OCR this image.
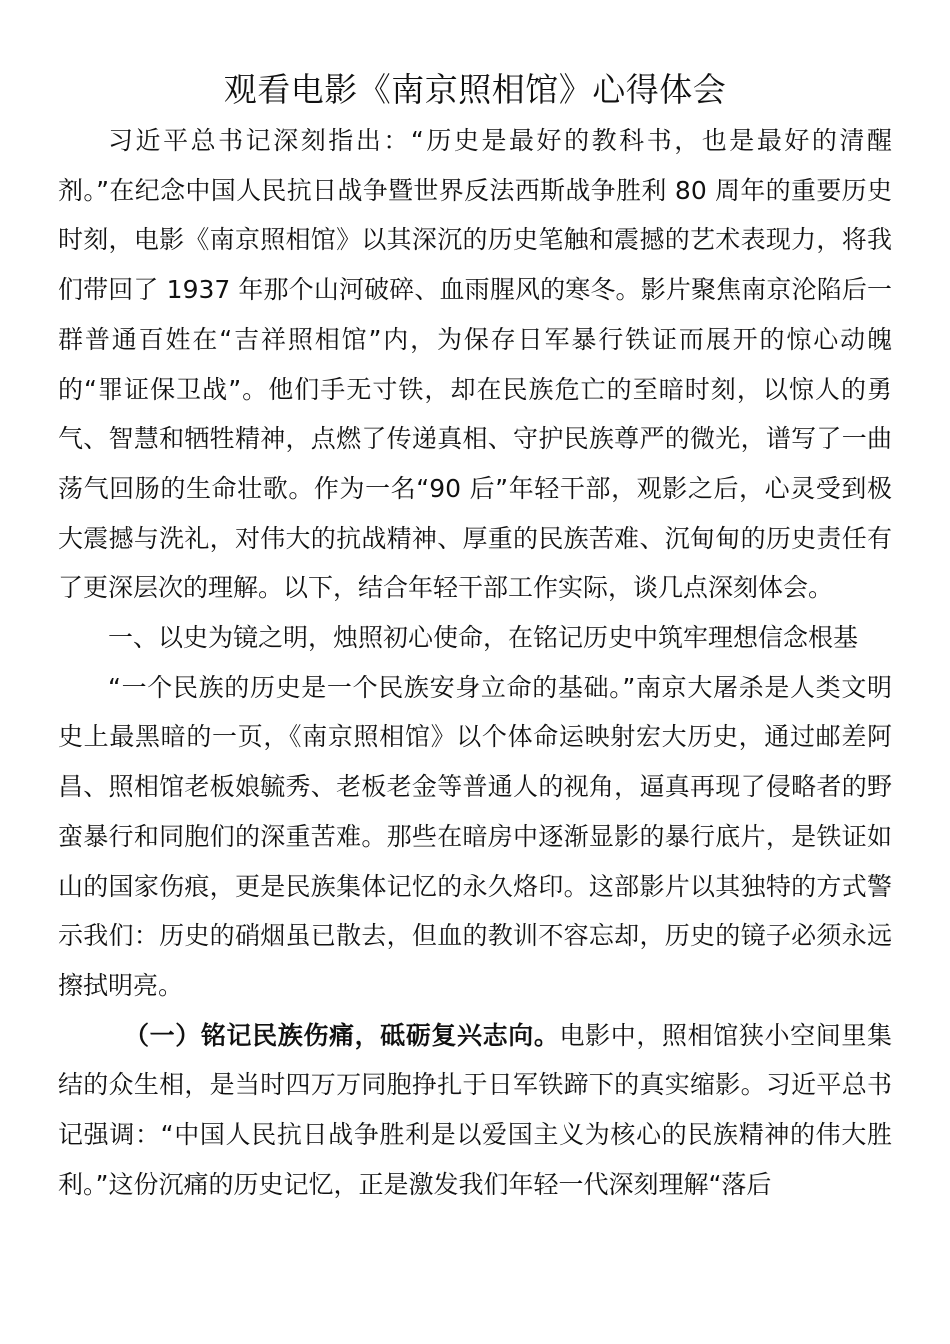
观看电影《南京照相馆》心得体会

习近平总书记深刻指出：“历史是最好的教科书，也是最好的清醒剂。”在纪念中国人民抗日战争暨世界反法西斯战争胜利 80 周年的重要历史时刻，电影《南京照相馆》以其深沉的历史笔触和震撼的艺术表现力，将我们带回了 1937 年那个山河破碎、血雨腥风的寒冬。影片聚焦南京沦陷后一群普通百姓在“吉祥照相馆”内，为保存日军暴行铁证而展开的惊心动魄的“罪证保卫战”。他们手无寸铁，却在民族危亡的至暗时刻，以惊人的勇气、智慧和牺牲精神，点燃了传递真相、守护民族尊严的微光，谱写了一曲荡气回肠的生命壮歌。作为一名“90 后”年轻干部，观影之后，心灵受到极大震撼与洗礼，对伟大的抗战精神、厚重的民族苦难、沉甸甸的历史责任有了更深层次的理解。以下，结合年轻干部工作实际，谈几点深刻体会。

一、以史为镜之明，烛照初心使命，在铭记历史中筑牢理想信念根基

“一个民族的历史是一个民族安身立命的基础。”南京大屠杀是人类文明史上最黑暗的一页，《南京照相馆》以个体命运映射宏大历史，通过邮差阿昌、照相馆老板娘毓秀、老板老金等普通人的视角，逼真再现了侵略者的野蛮暴行和同胞们的深重苦难。那些在暗房中逐渐显影的暴行底片，是铁证如山的国家伤痕，更是民族集体记忆的永久烙印。这部影片以其独特的方式警示我们：历史的硝烟虽已散去，但血的教训不容忘却，历史的镜子必须永远擦拭明亮。

（一）铭记民族伤痛，砥砺复兴志向。电影中，照相馆狭小空间里集结的众生相，是当时四万万同胞挣扎于日军铁蹄下的真实缩影。习近平总书记强调：“中国人民抗日战争胜利是以爱国主义为核心的民族精神的伟大胜利。”这份沉痛的历史记忆，正是激发我们年轻一代深刻理解“落后
